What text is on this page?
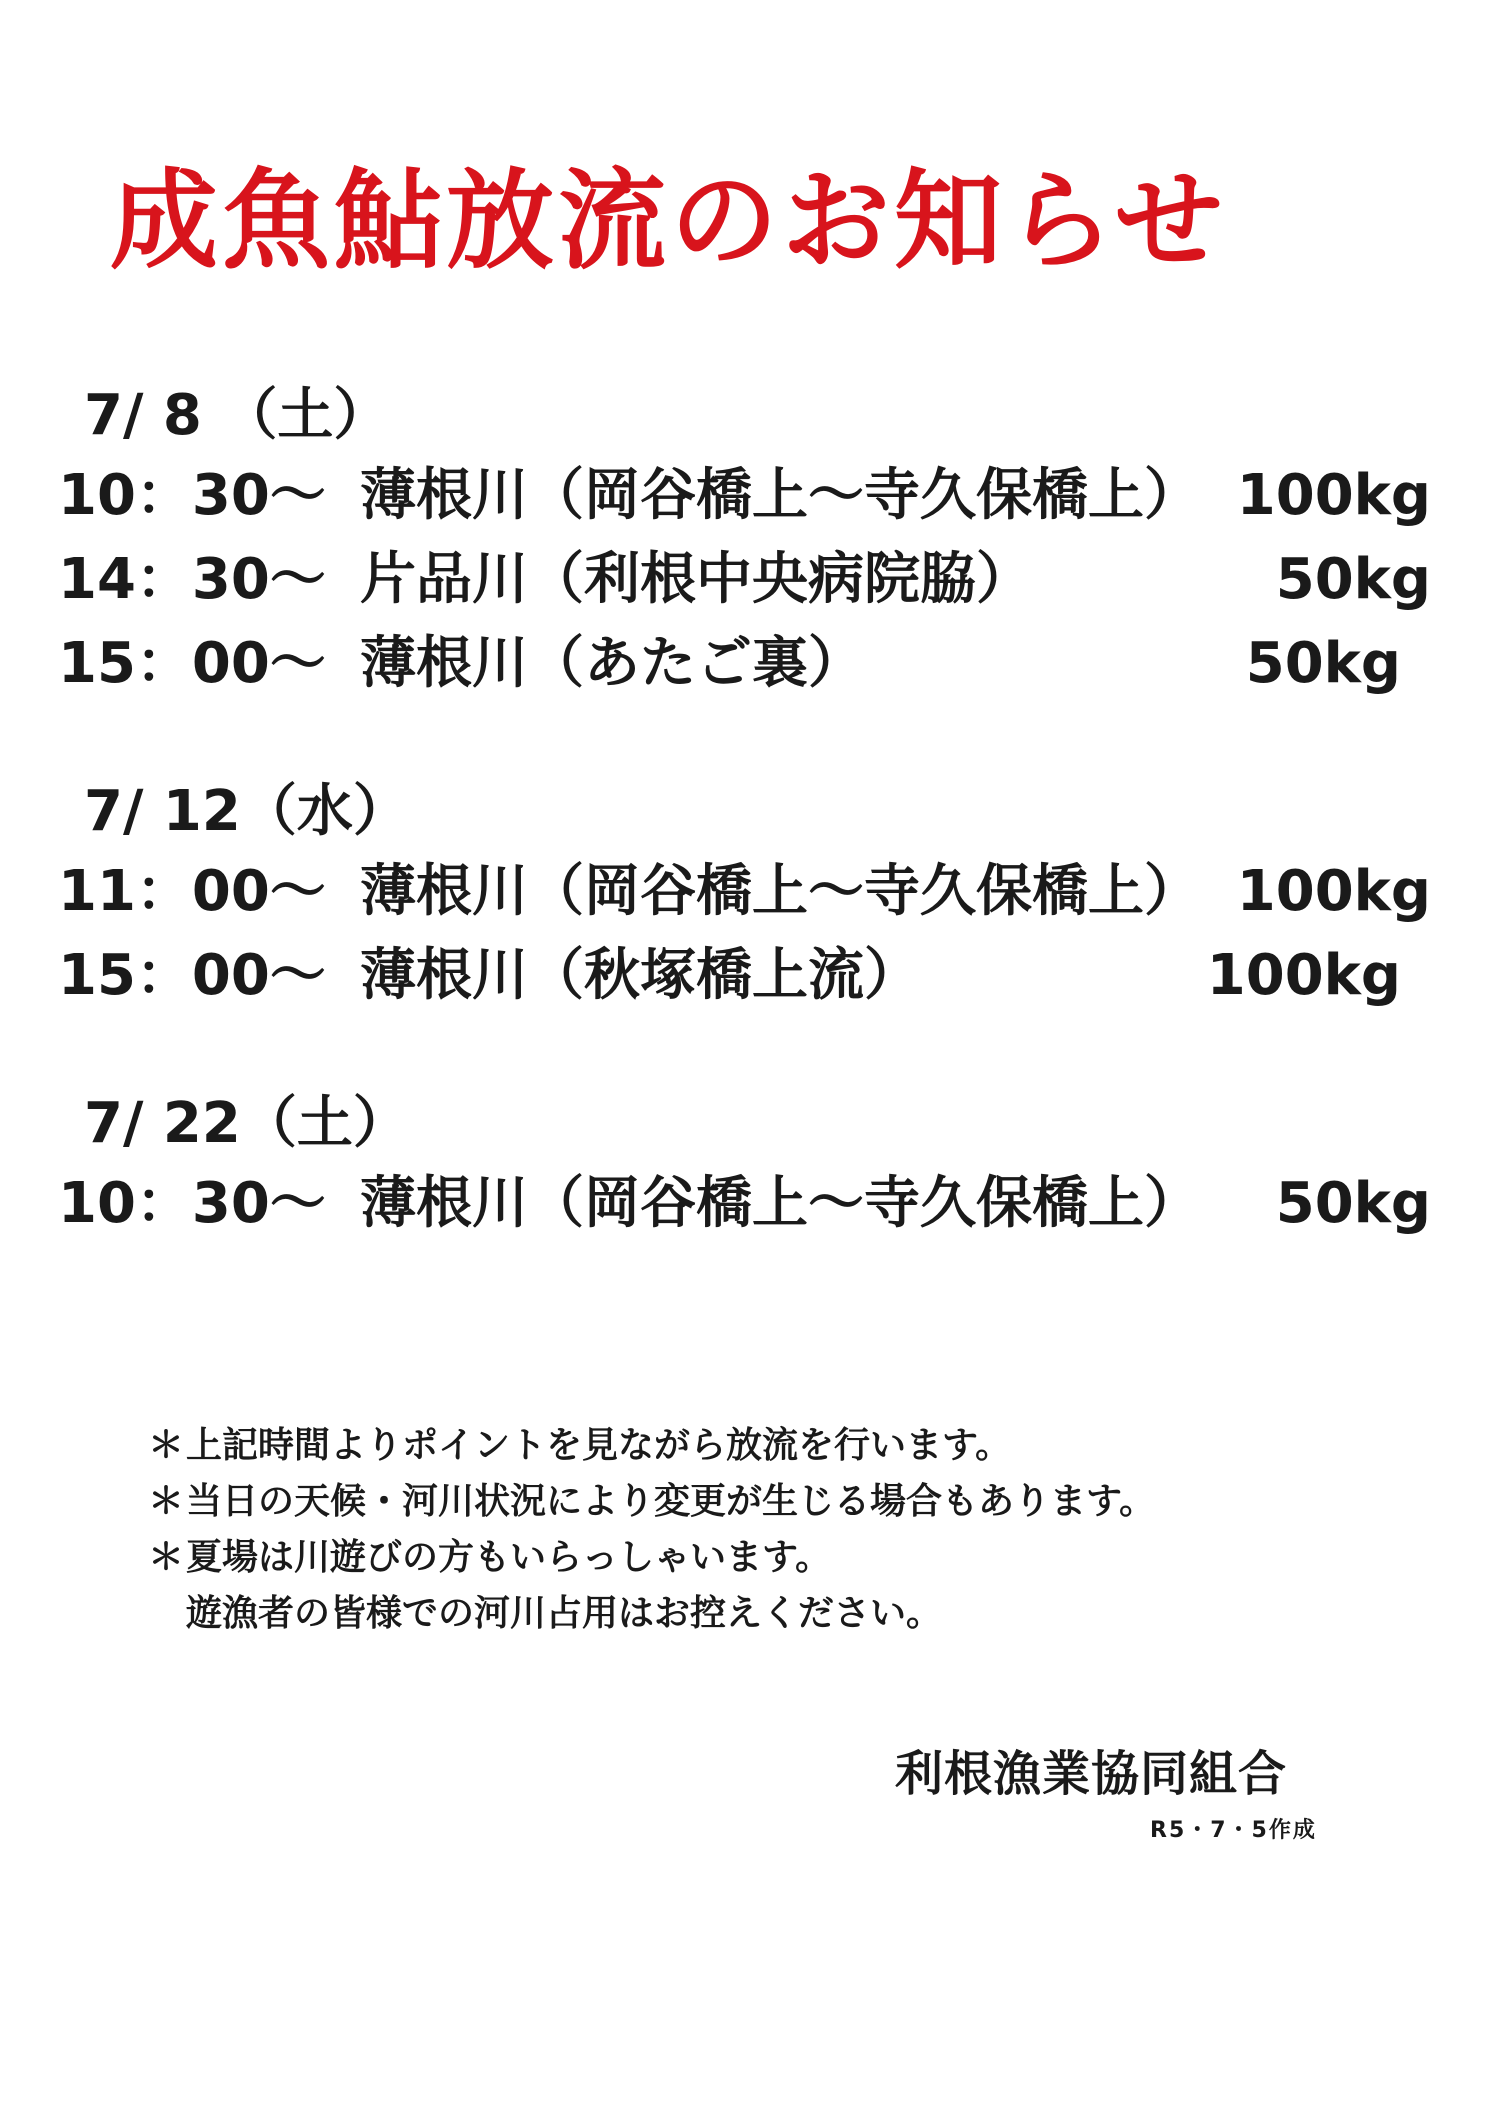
成魚鮎放流のお知らせ
7/ 8 （土）
10：30～ 薄根川（岡谷橋上～寺久保橋上） 100kg
14：30～ 片品川（利根中央病院脇）	50kg
15：00～ 薄根川（あたご裏）	50kg
7/ 12（水）
11：00～ 薄根川（岡谷橋上～寺久保橋上） 100kg
15：00～ 薄根川（秋塚橋上流）	100kg
7/ 22（土）
10：30～ 薄根川（岡谷橋上～寺久保橋上） 50kg
＊上記時間よりポイントを見ながら放流を行います。
＊当日の天候・河川状況により変更が生じる場合もあります。
＊夏場は川遊びの方もいらっしゃいます。
遊漁者の皆様での河川占用はお控えください。
利根漁業協同組合
R5・7・5作成
